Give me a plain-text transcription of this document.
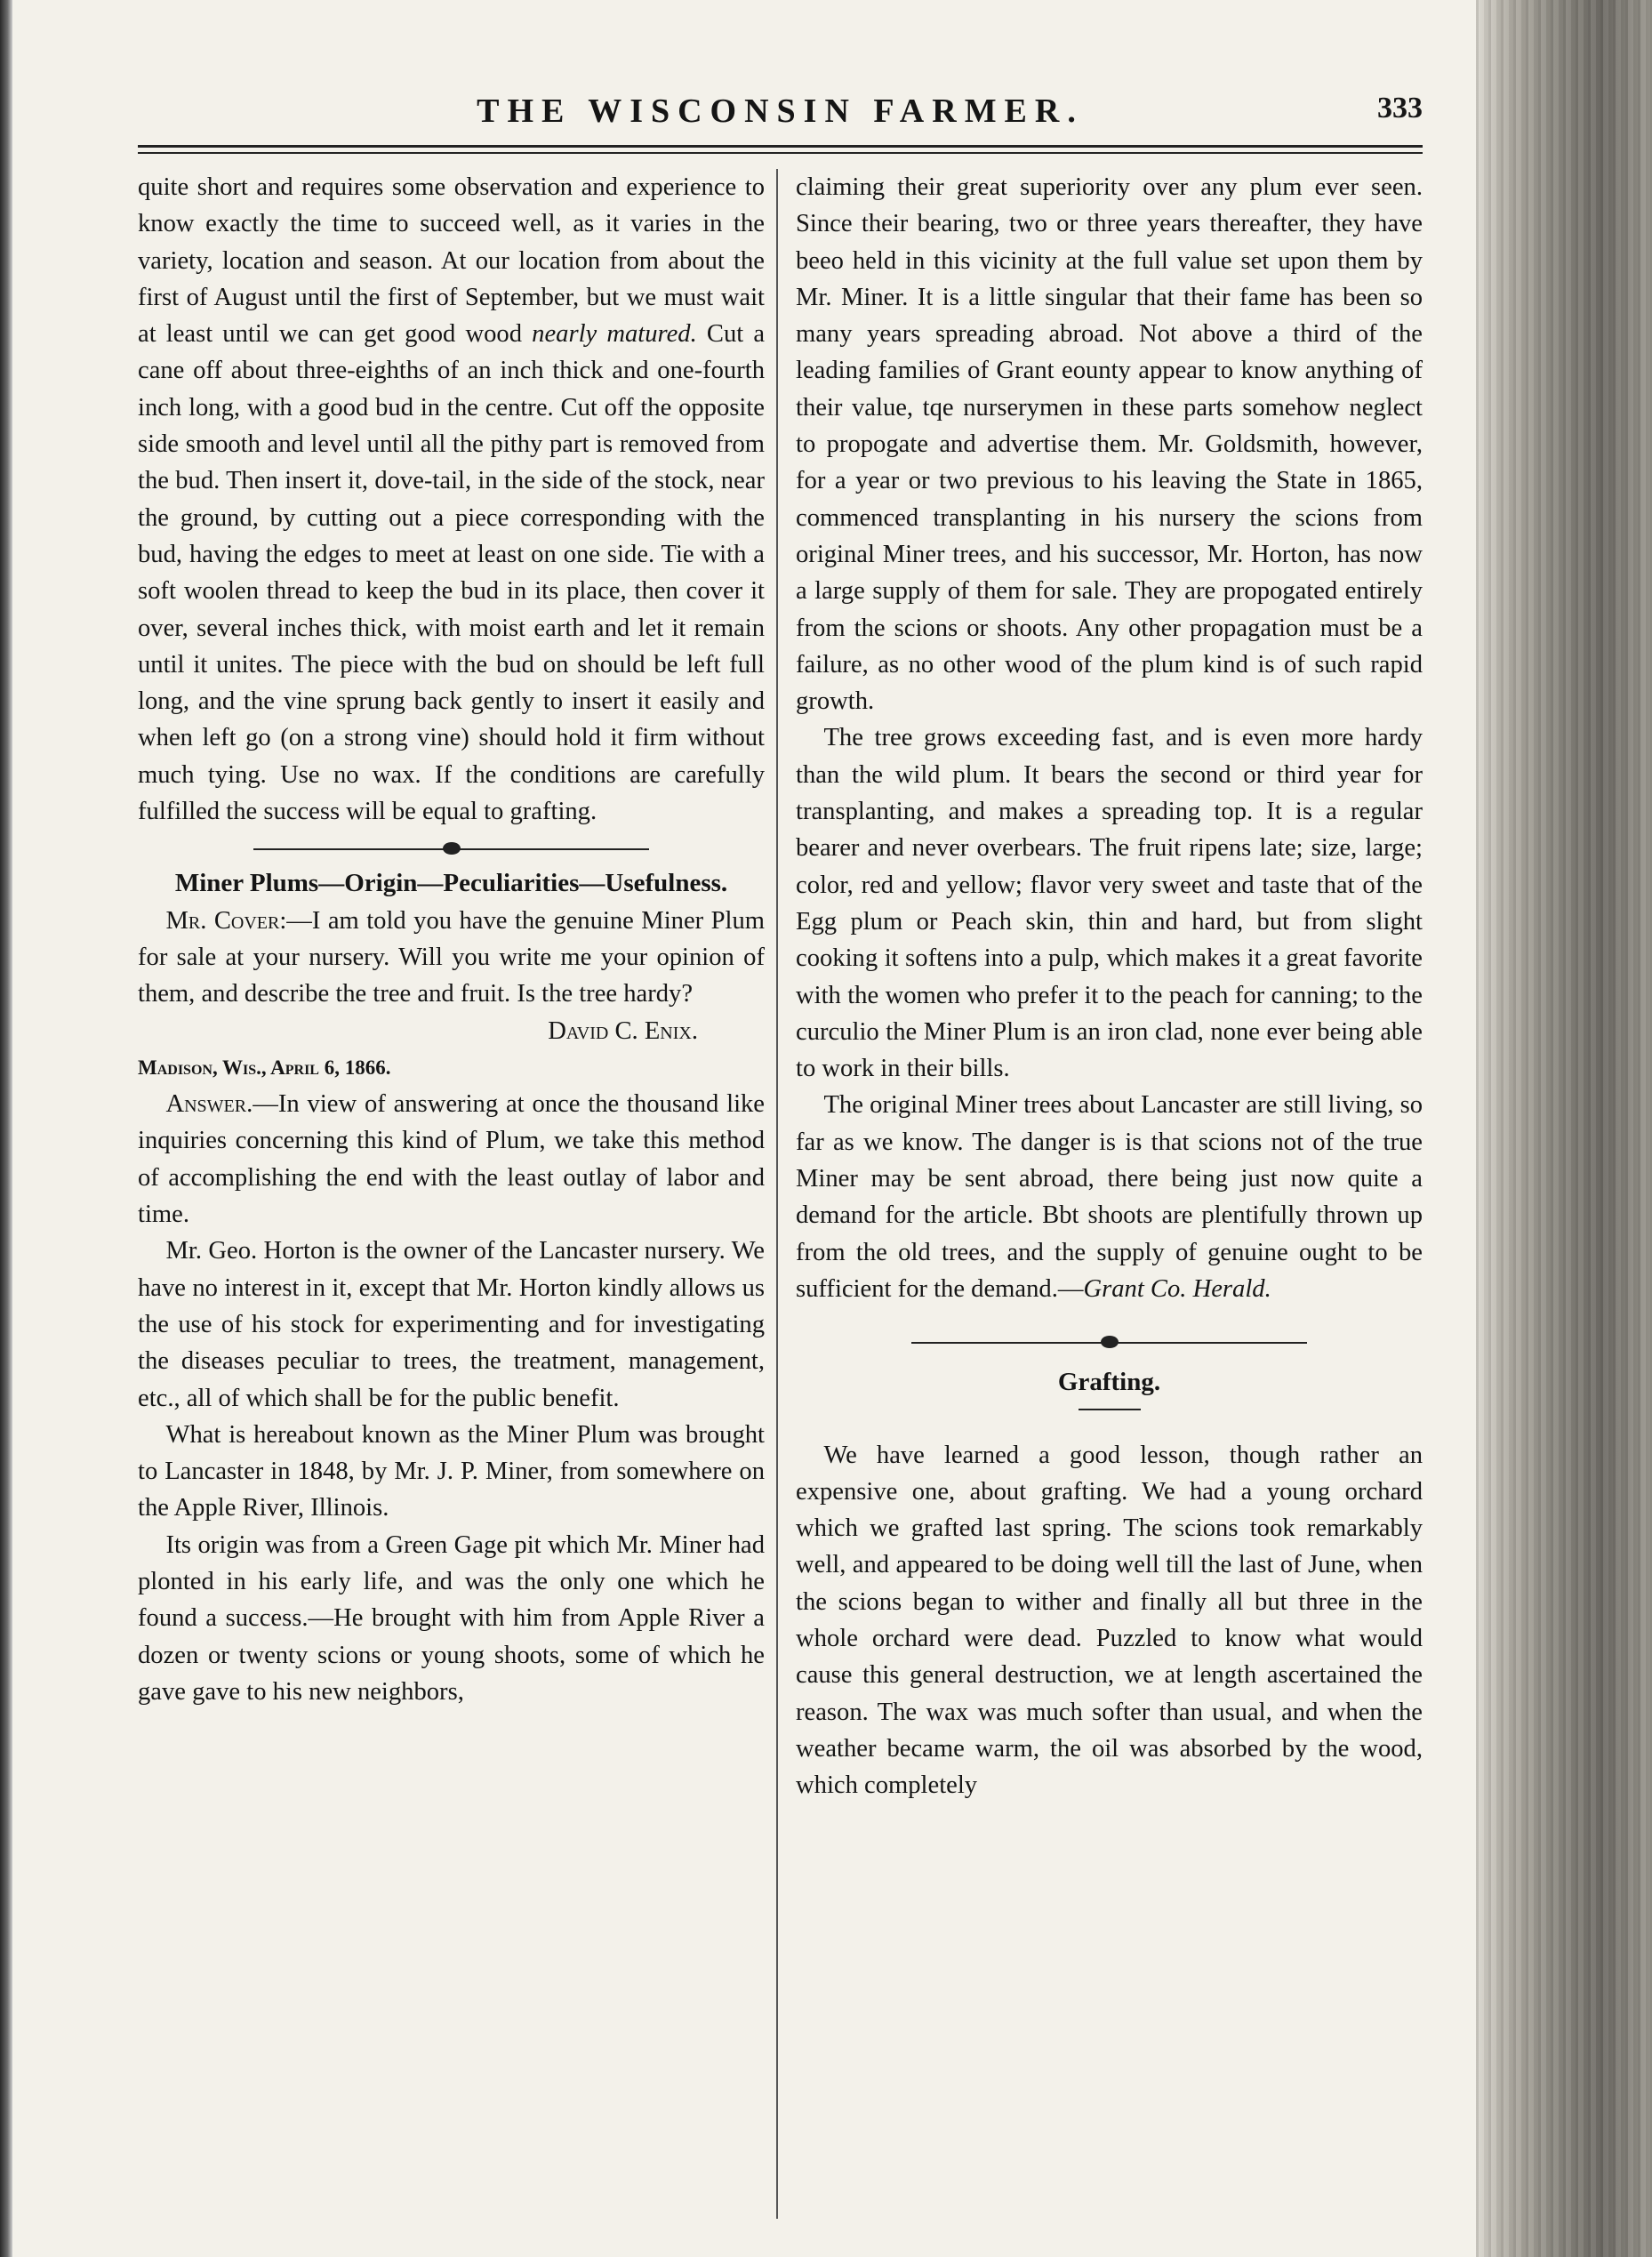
THE WISCONSIN FARMER.	333

quite short and requires some observation and experience to know exactly the time to succeed well, as it varies in the variety, location and season. At our location from about the first of August until the first of September, but we must wait at least until we can get good wood nearly matured. Cut a cane off about three-eighths of an inch thick and one-fourth inch long, with a good bud in the centre. Cut off the opposite side smooth and level until all the pithy part is removed from the bud. Then insert it, dove-tail, in the side of the stock, near the ground, by cutting out a piece corresponding with the bud, having the edges to meet at least on one side. Tie with a soft woolen thread to keep the bud in its place, then cover it over, several inches thick, with moist earth and let it remain until it unites. The piece with the bud on should be left full long, and the vine sprung back gently to insert it easily and when left go (on a strong vine) should hold it firm without much tying. Use no wax. If the conditions are carefully fulfilled the success will be equal to grafting.

Miner Plums—Origin—Peculiarities—Usefulness.

Mr. Cover:—I am told you have the genuine Miner Plum for sale at your nursery. Will you write me your opinion of them, and describe the tree and fruit. Is the tree hardy?

David C. Enix.
Madison, Wis., April 6, 1866.

Answer.—In view of answering at once the thousand like inquiries concerning this kind of Plum, we take this method of accomplishing the end with the least outlay of labor and time.

Mr. Geo. Horton is the owner of the Lancaster nursery. We have no interest in it, except that Mr. Horton kindly allows us the use of his stock for experimenting and for investigating the diseases peculiar to trees, the treatment, management, etc., all of which shall be for the public benefit.

What is hereabout known as the Miner Plum was brought to Lancaster in 1848, by Mr. J. P. Miner, from somewhere on the Apple River, Illinois.

Its origin was from a Green Gage pit which Mr. Miner had plonted in his early life, and was the only one which he found a success.—He brought with him from Apple River a dozen or twenty scions or young shoots, some of which he gave gave to his new neighbors,

claiming their great superiority over any plum ever seen. Since their bearing, two or three years thereafter, they have beeo held in this vicinity at the full value set upon them by Mr. Miner. It is a little singular that their fame has been so many years spreading abroad. Not above a third of the leading families of Grant eounty appear to know anything of their value, tqe nurserymen in these parts somehow neglect to propogate and advertise them. Mr. Goldsmith, however, for a year or two previous to his leaving the State in 1865, commenced transplanting in his nursery the scions from original Miner trees, and his successor, Mr. Horton, has now a large supply of them for sale. They are propogated entirely from the scions or shoots. Any other propagation must be a failure, as no other wood of the plum kind is of such rapid growth.

The tree grows exceeding fast, and is even more hardy than the wild plum. It bears the second or third year for transplanting, and makes a spreading top. It is a regular bearer and never overbears. The fruit ripens late; size, large; color, red and yellow; flavor very sweet and taste that of the Egg plum or Peach skin, thin and hard, but from slight cooking it softens into a pulp, which makes it a great favorite with the women who prefer it to the peach for canning; to the curculio the Miner Plum is an iron clad, none ever being able to work in their bills.

The original Miner trees about Lancaster are still living, so far as we know. The danger is is that scions not of the true Miner may be sent abroad, there being just now quite a demand for the article. Bbt shoots are plentifully thrown up from the old trees, and the supply of genuine ought to be sufficient for the demand.—Grant Co. Herald.

Grafting.

We have learned a good lesson, though rather an expensive one, about grafting. We had a young orchard which we grafted last spring. The scions took remarkably well, and appeared to be doing well till the last of June, when the scions began to wither and finally all but three in the whole orchard were dead. Puzzled to know what would cause this general destruction, we at length ascertained the reason. The wax was much softer than usual, and when the weather became warm, the oil was absorbed by the wood, which completely
